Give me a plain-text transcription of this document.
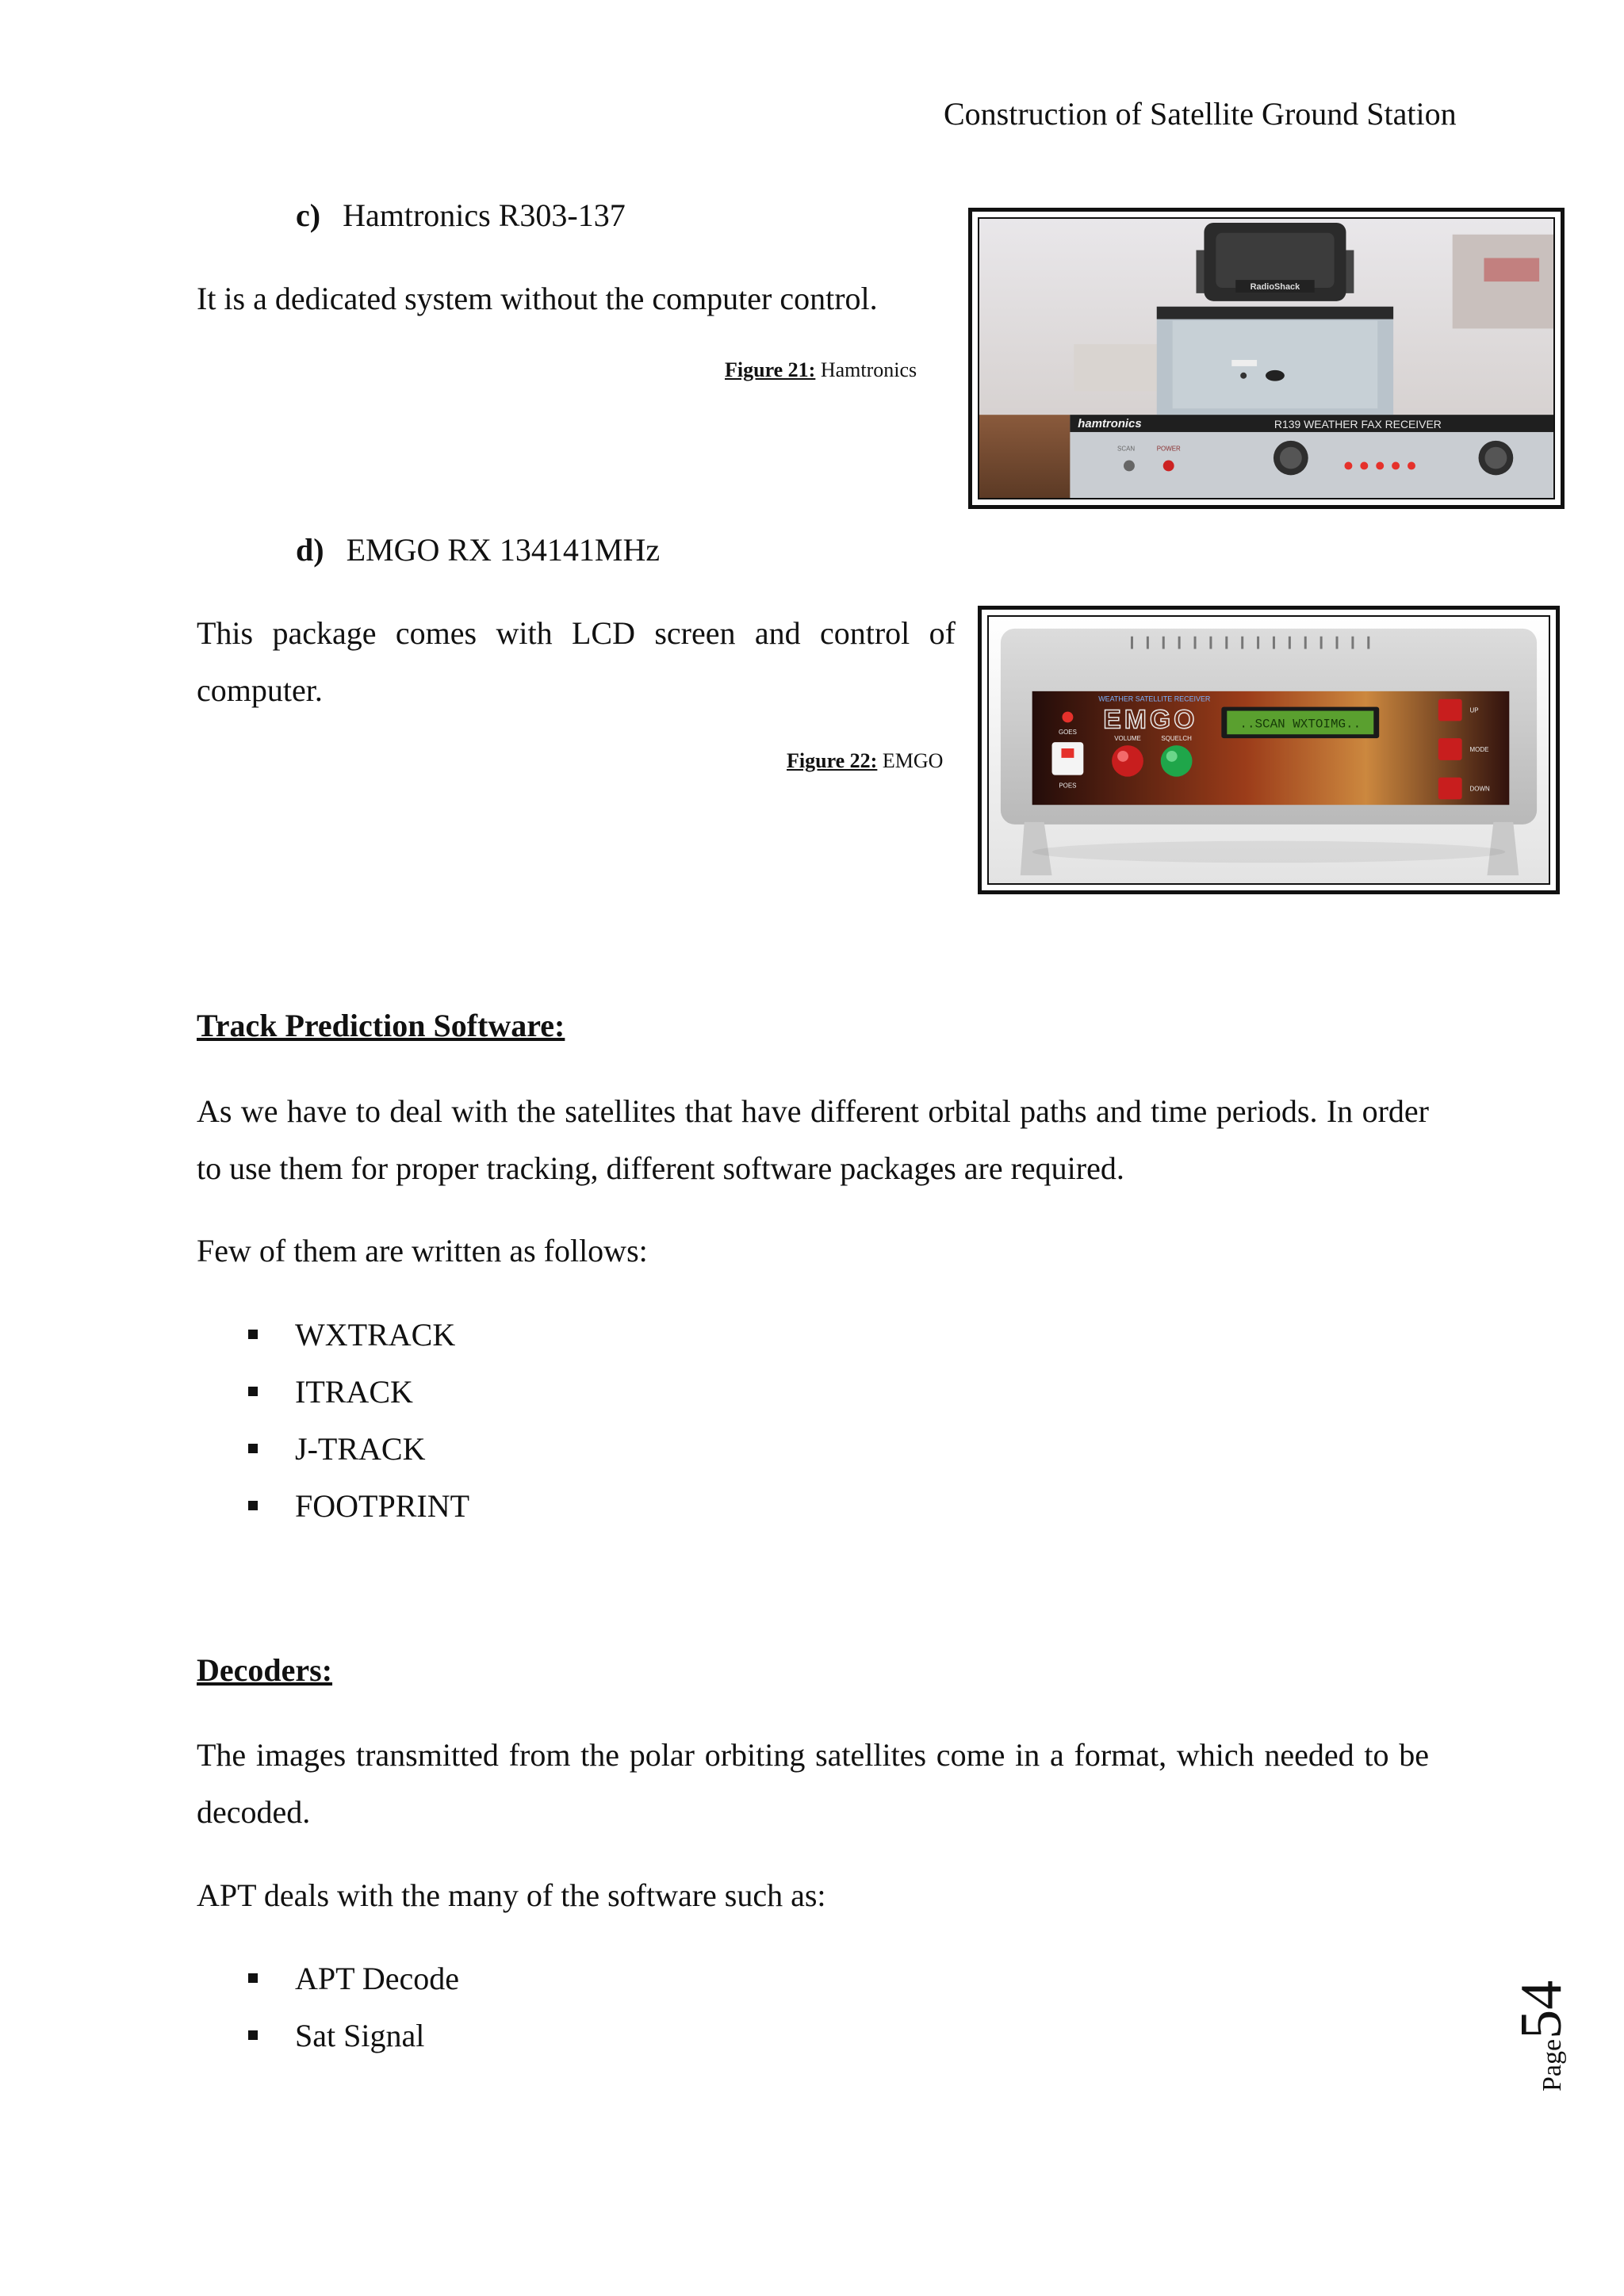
Construction of Satellite Ground Station
c) Hamtronics R303-137
It is a dedicated system without the computer control.
Figure 21: Hamtronics
RadioShack
hamtronics	R139 WEATHER FAX RECEIVER
SCAN	POWER
d) EMGO RX 134141MHz
This package comes with LCD screen and control of computer.
Figure 22: EMGO
WEATHER SATELLITE RECEIVER
EMGO	..SCAN WXTOIMG..
GOES
POES
VOLUME	SQUELCH
UP
MODE
DOWN
Track Prediction Software:
As we have to deal with the satellites that have different orbital paths and time periods. In order to use them for proper tracking, different software packages are required.
Few of them are written as follows:
WXTRACK
ITRACK
J-TRACK
FOOTPRINT
Decoders:
The images transmitted from the polar orbiting satellites come in a format, which needed to be decoded.
APT deals with the many of the software such as:
APT Decode
Sat Signal
Page54
